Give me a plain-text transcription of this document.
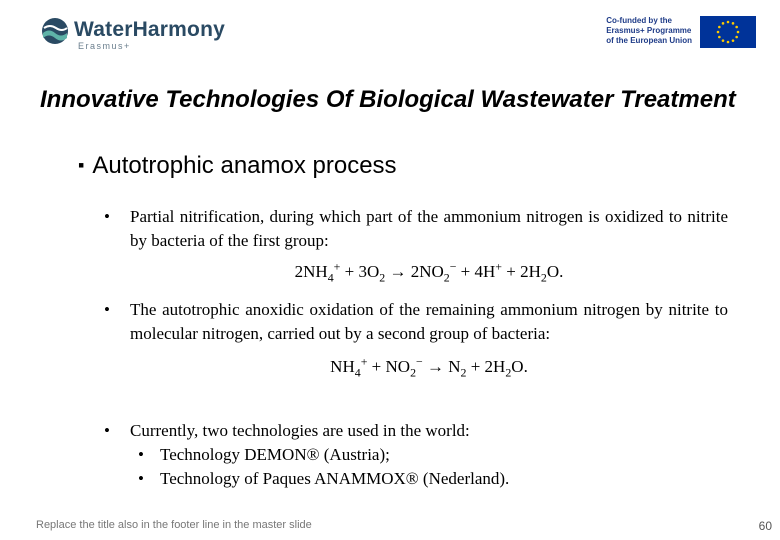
WaterHarmony
Erasmus+
Co-funded by the
Erasmus+ Programme
of the European Union
Innovative Technologies Of Biological Wastewater Treatment
▪ Autotrophic anamox process
• Partial nitrification, during which part of the ammonium nitrogen is oxidized to nitrite by bacteria of the first group:
$2NH_4^+ + 3O_2 \to 2NO_2^- + 4H^+ + 2H_2O$.
• The autotrophic anoxidic oxidation of the remaining ammonium nitrogen by nitrite to molecular nitrogen, carried out by a second group of bacteria:
$NH_4^+ + NO_2^- \to N_2 + 2H_2O$.
• Currently, two technologies are used in the world:
• Technology DEMON® (Austria);
• Technology of Paques ANAMMOX® (Nederland).
Replace the title also in the footer line in the master slide	60
